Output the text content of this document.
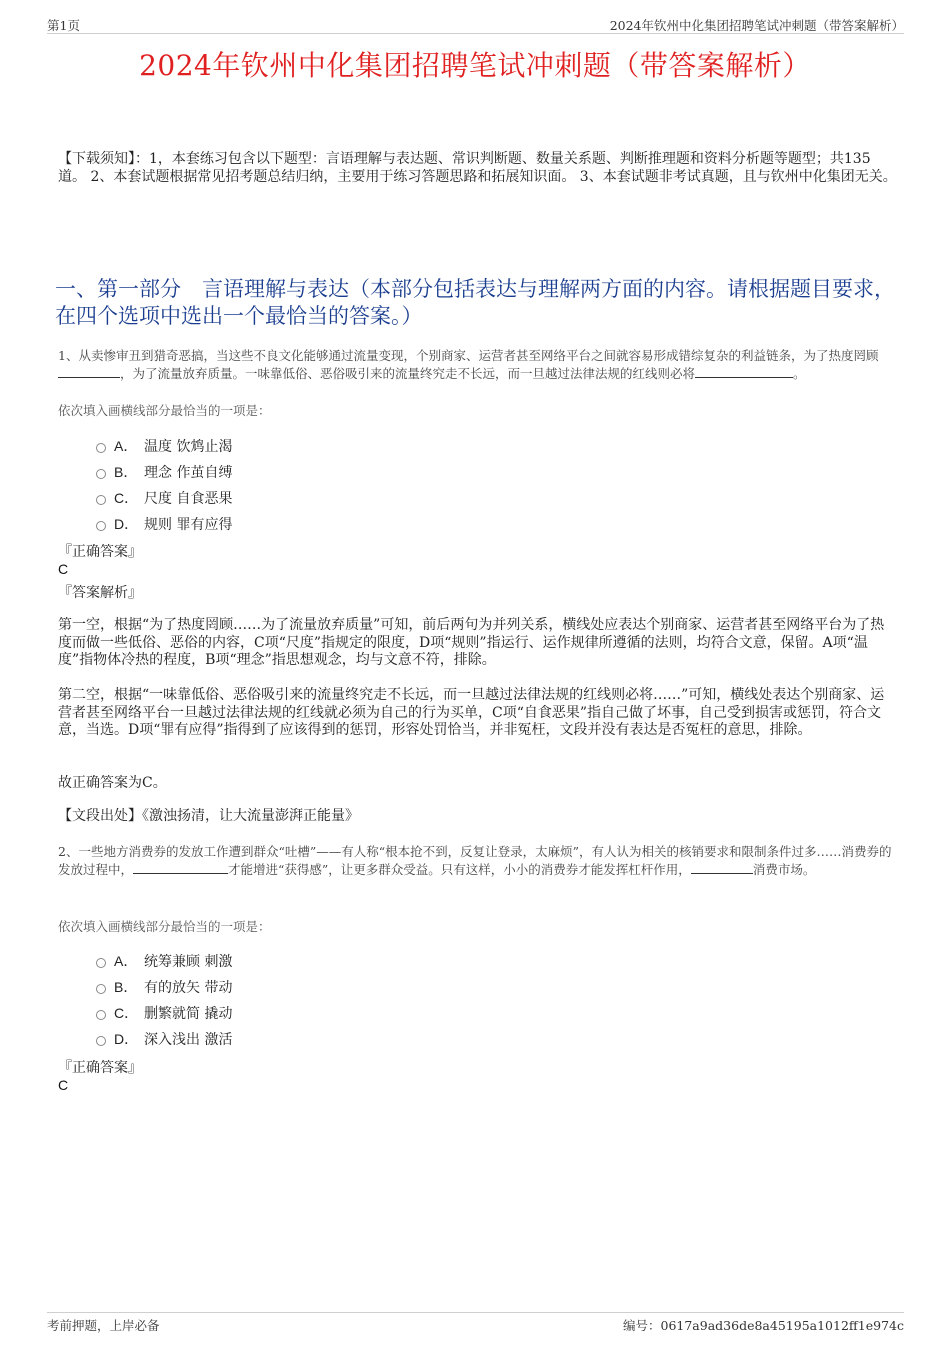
第1页	2024年钦州中化集团招聘笔试冲刺题（带答案解析）
2024年钦州中化集团招聘笔试冲刺题（带答案解析）
【下载须知】：1，本套练习包含以下题型：言语理解与表达题、常识判断题、数量关系题、判断推理题和资料分析题等题型；共135道。 2、本套试题根据常见招考题总结归纳，主要用于练习答题思路和拓展知识面。 3、本套试题非考试真题，且与钦州中化集团无关。
一、第一部分　言语理解与表达（本部分包括表达与理解两方面的内容。请根据题目要求，在四个选项中选出一个最恰当的答案。）
1、从卖惨审丑到猎奇恶搞，当这些不良文化能够通过流量变现，个别商家、运营者甚至网络平台之间就容易形成错综复杂的利益链条，为了热度罔顾，为了流量放弃质量。一味靠低俗、恶俗吸引来的流量终究走不长远，而一旦越过法律法规的红线则必将	。
依次填入画横线部分最恰当的一项是：
A． 温度 饮鸩止渴
B． 理念 作茧自缚
C． 尺度 自食恶果
D． 规则 罪有应得
『正确答案』
C
『答案解析』
第一空，根据“为了热度罔顾……为了流量放弃质量”可知，前后两句为并列关系，横线处应表达个别商家、运营者甚至网络平台为了热度而做一些低俗、恶俗的内容，C项“尺度”指规定的限度，D项“规则”指运行、运作规律所遵循的法则，均符合文意，保留。A项“温度”指物体冷热的程度，B项“理念”指思想观念，均与文意不符，排除。
第二空，根据“一味靠低俗、恶俗吸引来的流量终究走不长远，而一旦越过法律法规的红线则必将……”可知，横线处表达个别商家、运营者甚至网络平台一旦越过法律法规的红线就必须为自己的行为买单，C项“自食恶果”指自己做了坏事，自己受到损害或惩罚，符合文意，当选。D项“罪有应得”指得到了应该得到的惩罚，形容处罚恰当，并非冤枉，文段并没有表达是否冤枉的意思，排除。
故正确答案为C。
【文段出处】《激浊扬清，让大流量澎湃正能量》
2、一些地方消费券的发放工作遭到群众“吐槽”——有人称“根本抢不到，反复让登录，太麻烦”，有人认为相关的核销要求和限制条件过多……消费券的发放过程中，	才能增进“获得感”，让更多群众受益。只有这样，小小的消费券才能发挥杠杆作用，	消费市场。
依次填入画横线部分最恰当的一项是：
A． 统筹兼顾 刺激
B． 有的放矢 带动
C． 删繁就简 撬动
D． 深入浅出 激活
『正确答案』
C
考前押题，上岸必备	编号：0617a9ad36de8a45195a1012ff1e974c
